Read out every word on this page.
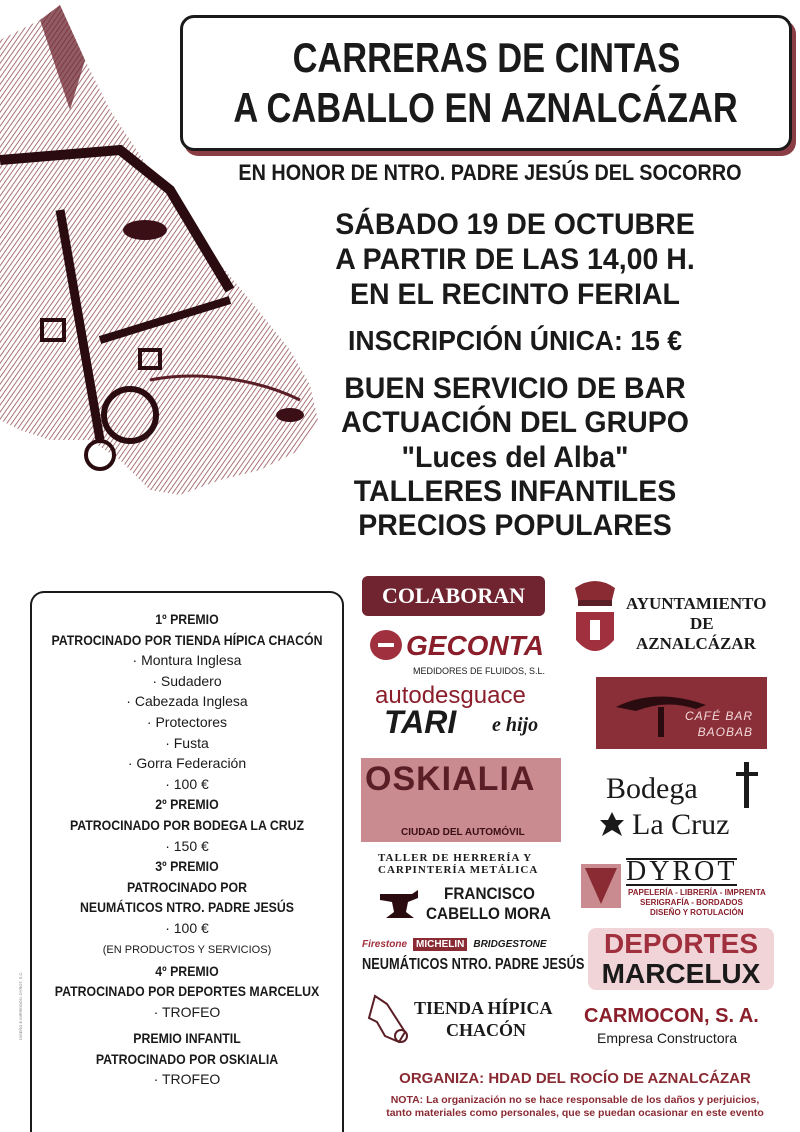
CARRERAS DE CINTAS
A CABALLO EN AZNALCÁZAR
EN HONOR DE NTRO. PADRE JESÚS DEL SOCORRO
SÁBADO 19 DE OCTUBRE
A PARTIR DE LAS 14,00 H.
EN EL RECINTO FERIAL
INSCRIPCIÓN ÚNICA: 15 €
BUEN SERVICIO DE BAR
ACTUACIÓN DEL GRUPO
"Luces del Alba"
TALLERES INFANTILES
PRECIOS POPULARES
1º PREMIO
PATROCINADO POR TIENDA HÍPICA CHACÓN
· Montura Inglesa
· Sudadero
· Cabezada Inglesa
· Protectores
· Fusta
· Gorra Federación
· 100 €
2º PREMIO
PATROCINADO POR BODEGA LA CRUZ
· 150 €
3º PREMIO
PATROCINADO POR
NEUMÁTICOS NTRO. PADRE JESÚS
· 100 €
(EN PRODUCTOS Y SERVICIOS)
4º PREMIO
PATROCINADO POR DEPORTES MARCELUX
· TROFEO
PREMIO INFANTIL
PATROCINADO POR OSKIALIA
· TROFEO
DISEÑO E IMPRESIÓN: DYROT, S.C.
COLABORAN	AYUNTAMIENTO
DE
AZNALCÁZAR
GECONTA
MEDIDORES DE FLUIDOS, S.L.
autodesguace
TARI e hijo	CAFÉ BAR
BAOBAB
OSKIALIA
CIUDAD DEL AUTOMÓVIL
Bodega
La Cruz
TALLER DE HERRERÍA Y
CARPINTERÍA METÁLICA
FRANCISCO
CABELLO MORA
DYROT
PAPELERÍA - LIBRERÍA - IMPRENTA
SERIGRAFÍA - BORDADOS
DISEÑO Y ROTULACIÓN
Firestone MICHELIN BRIDGESTONE
NEUMÁTICOS NTRO. PADRE JESÚS
DEPORTES
MARCELUX
TIENDA HÍPICA
CHACÓN
CARMOCON, S. A.
Empresa Constructora
ORGANIZA: HDAD DEL ROCÍO DE AZNALCÁZAR
NOTA: La organización no se hace responsable de los daños y perjuicios,
tanto materiales como personales, que se puedan ocasionar en este evento
